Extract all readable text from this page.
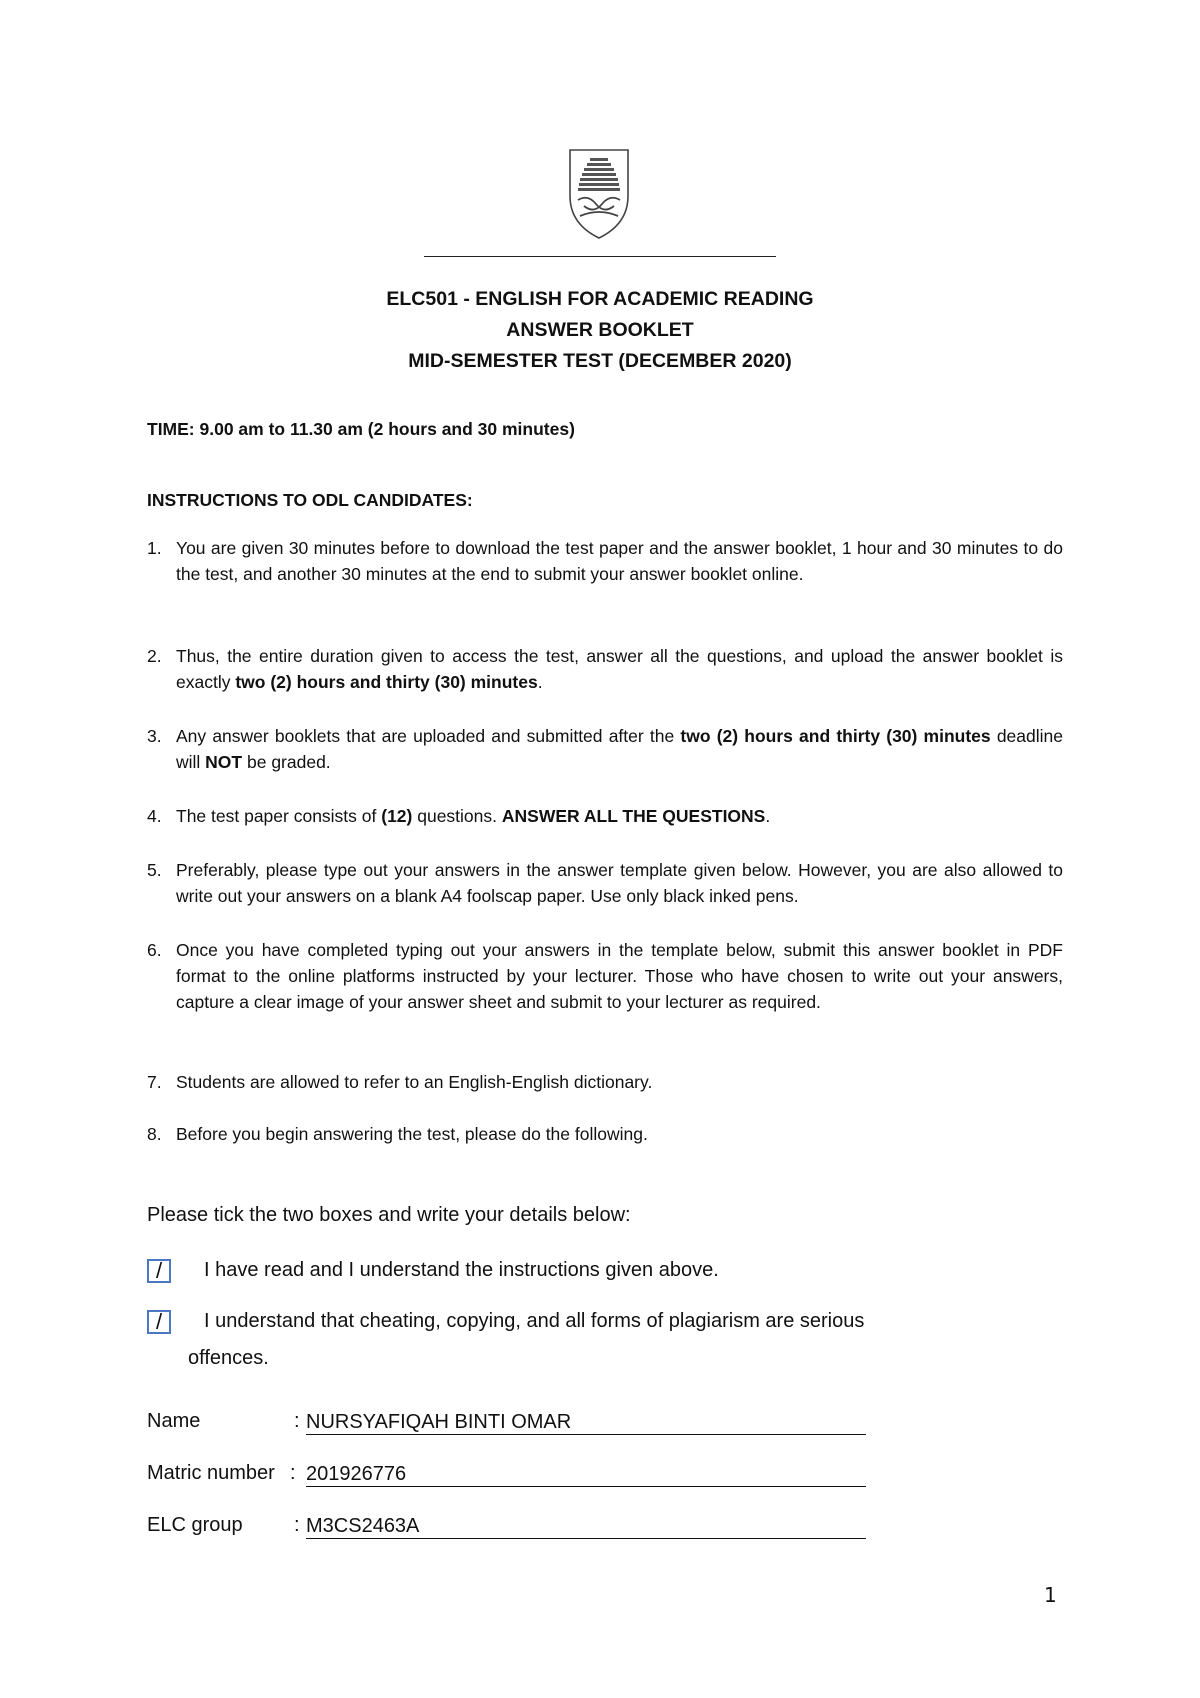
ELC501 - ENGLISH FOR ACADEMIC READING
ANSWER BOOKLET
MID-SEMESTER TEST (DECEMBER 2020)
TIME: 9.00 am to 11.30 am (2 hours and 30 minutes)
INSTRUCTIONS TO ODL CANDIDATES:
1. You are given 30 minutes before to download the test paper and the answer booklet, 1 hour and 30 minutes to do the test, and another 30 minutes at the end to submit your answer booklet online.
2. Thus, the entire duration given to access the test, answer all the questions, and upload the answer booklet is exactly two (2) hours and thirty (30) minutes.
3. Any answer booklets that are uploaded and submitted after the two (2) hours and thirty (30) minutes deadline will NOT be graded.
4. The test paper consists of (12) questions. ANSWER ALL THE QUESTIONS.
5. Preferably, please type out your answers in the answer template given below. However, you are also allowed to write out your answers on a blank A4 foolscap paper. Use only black inked pens.
6. Once you have completed typing out your answers in the template below, submit this answer booklet in PDF format to the online platforms instructed by your lecturer. Those who have chosen to write out your answers, capture a clear image of your answer sheet and submit to your lecturer as required.
7. Students are allowed to refer to an English-English dictionary.
8. Before you begin answering the test, please do the following.
Please tick the two boxes and write your details below:
/	I have read and I understand the instructions given above.
/	I understand that cheating, copying, and all forms of plagiarism are serious
offences.
Name	: NURSYAFIQAH BINTI OMAR
Matric number : 201926776
ELC group	: M3CS2463A
1
